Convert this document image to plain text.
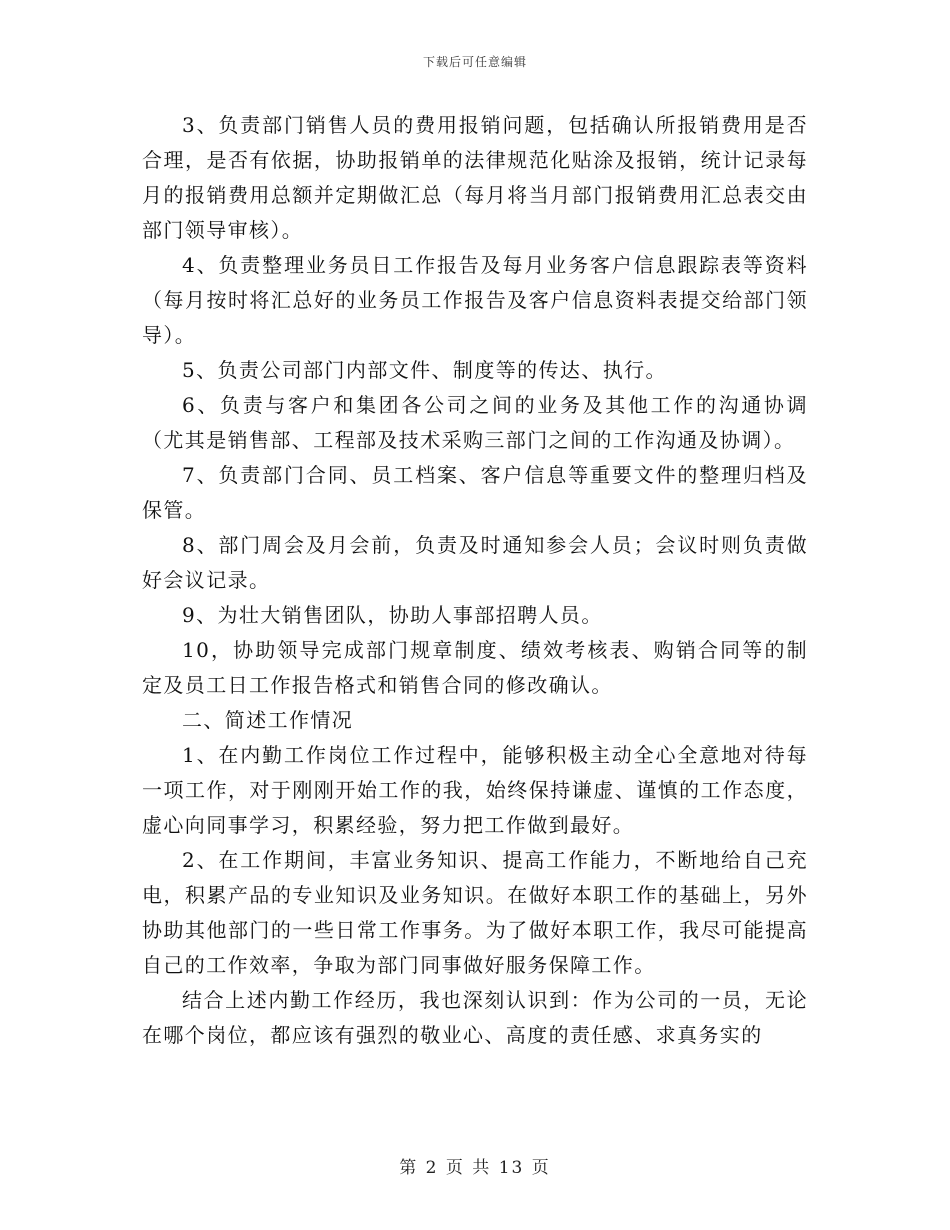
下载后可任意编辑

3、负责部门销售人员的费用报销问题，包括确认所报销费用是否合理，是否有依据，协助报销单的法律规范化贴涂及报销，统计记录每月的报销费用总额并定期做汇总（每月将当月部门报销费用汇总表交由部门领导审核）。

4、负责整理业务员日工作报告及每月业务客户信息跟踪表等资料（每月按时将汇总好的业务员工作报告及客户信息资料表提交给部门领导）。

5、负责公司部门内部文件、制度等的传达、执行。

6、负责与客户和集团各公司之间的业务及其他工作的沟通协调（尤其是销售部、工程部及技术采购三部门之间的工作沟通及协调）。

7、负责部门合同、员工档案、客户信息等重要文件的整理归档及保管。

8、部门周会及月会前，负责及时通知参会人员；会议时则负责做好会议记录。

9、为壮大销售团队，协助人事部招聘人员。

10，协助领导完成部门规章制度、绩效考核表、购销合同等的制定及员工日工作报告格式和销售合同的修改确认。

二、简述工作情况

1、在内勤工作岗位工作过程中，能够积极主动全心全意地对待每一项工作，对于刚刚开始工作的我，始终保持谦虚、谨慎的工作态度，虚心向同事学习，积累经验，努力把工作做到最好。

2、在工作期间，丰富业务知识、提高工作能力，不断地给自己充电，积累产品的专业知识及业务知识。在做好本职工作的基础上，另外协助其他部门的一些日常工作事务。为了做好本职工作，我尽可能提高自己的工作效率，争取为部门同事做好服务保障工作。

结合上述内勤工作经历，我也深刻认识到：作为公司的一员，无论在哪个岗位，都应该有强烈的敬业心、高度的责任感、求真务实的

第 2 页 共 13 页
